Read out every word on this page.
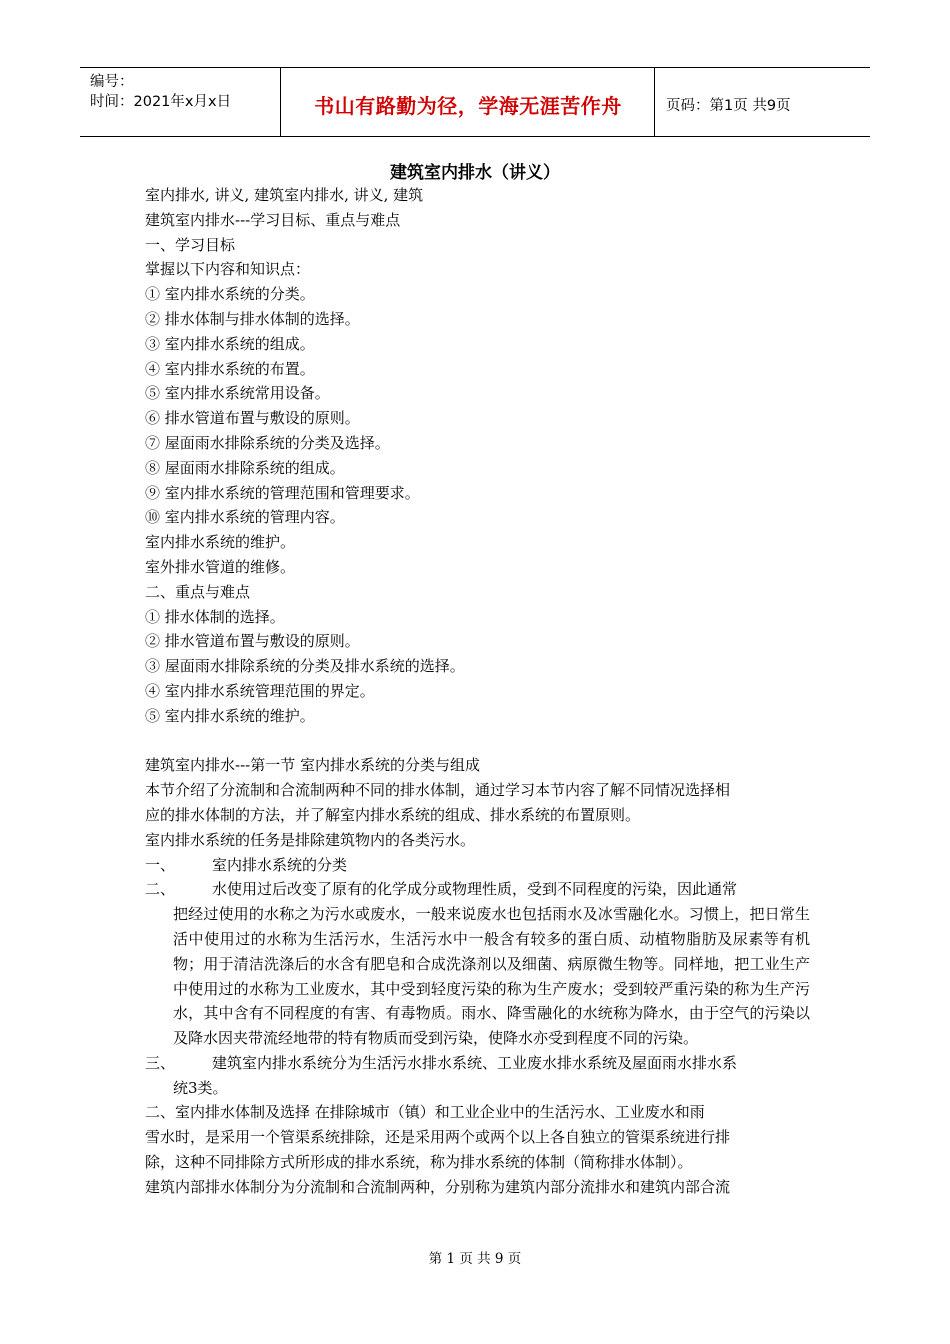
编号：
时间：2021年x月x日	书山有路勤为径，学海无涯苦作舟	页码：第1页 共9页
建筑室内排水（讲义）
室内排水, 讲义, 建筑室内排水, 讲义, 建筑
建筑室内排水---学习目标、重点与难点
一、学习目标
掌握以下内容和知识点：
① 室内排水系统的分类。
② 排水体制与排水体制的选择。
③ 室内排水系统的组成。
④ 室内排水系统的布置。
⑤ 室内排水系统常用设备。
⑥ 排水管道布置与敷设的原则。
⑦ 屋面雨水排除系统的分类及选择。
⑧ 屋面雨水排除系统的组成。
⑨ 室内排水系统的管理范围和管理要求。
⑩ 室内排水系统的管理内容。
室内排水系统的维护。
室外排水管道的维修。
二、重点与难点
① 排水体制的选择。
② 排水管道布置与敷设的原则。
③ 屋面雨水排除系统的分类及排水系统的选择。
④ 室内排水系统管理范围的界定。
⑤ 室内排水系统的维护。
建筑室内排水---第一节 室内排水系统的分类与组成
本节介绍了分流制和合流制两种不同的排水体制，通过学习本节内容了解不同情况选择相
应的排水体制的方法，并了解室内排水系统的组成、排水系统的布置原则。
室内排水系统的任务是排除建筑物内的各类污水。
一、 室内排水系统的分类
二、 水使用过后改变了原有的化学成分或物理性质，受到不同程度的污染，因此通常
把经过使用的水称之为污水或废水，一般来说废水也包括雨水及冰雪融化水。习惯上，把日常生活中使用过的水称为生活污水，生活污水中一般含有较多的蛋白质、动植物脂肪及尿素等有机物；用于清洁洗涤后的水含有肥皂和合成洗涤剂以及细菌、病原微生物等。同样地，把工业生产中使用过的水称为工业废水，其中受到轻度污染的称为生产废水；受到较严重污染的称为生产污水，其中含有不同程度的有害、有毒物质。雨水、降雪融化的水统称为降水，由于空气的污染以及降水因夹带流经地带的特有物质而受到污染，使降水亦受到程度不同的污染。
三、 建筑室内排水系统分为生活污水排水系统、工业废水排水系统及屋面雨水排水系
统3类。
二、室内排水体制及选择 在排除城市（镇）和工业企业中的生活污水、工业废水和雨
雪水时，是采用一个管渠系统排除，还是采用两个或两个以上各自独立的管渠系统进行排
除，这种不同排除方式所形成的排水系统，称为排水系统的体制（简称排水体制）。
建筑内部排水体制分为分流制和合流制两种，分别称为建筑内部分流排水和建筑内部合流
第 1 页 共 9 页
